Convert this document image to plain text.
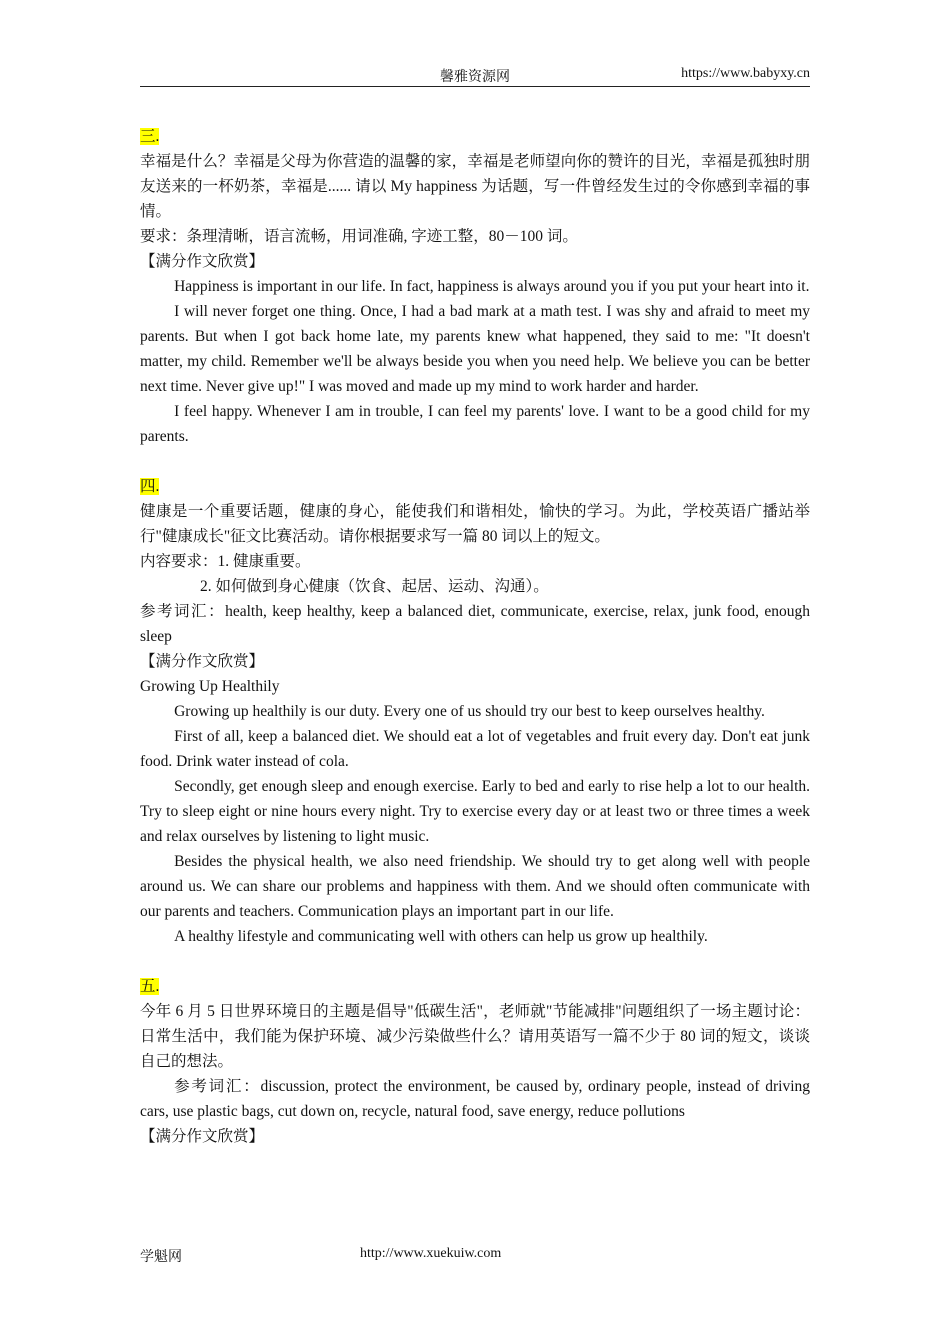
馨雅资源网	https://www.babyxy.cn

三.

幸福是什么？幸福是父母为你营造的温馨的家，幸福是老师望向你的赞许的目光，幸福是孤独时朋友送来的一杯奶茶，幸福是...... 请以 My happiness 为话题，写一件曾经发生过的令你感到幸福的事情。

要求：条理清晰，语言流畅，用词准确, 字迹工整，80－100 词。

【满分作文欣赏】

Happiness is important in our life. In fact, happiness is always around you if you put your heart into it.

I will never forget one thing. Once, I had a bad mark at a math test. I was shy and afraid to meet my parents. But when I got back home late, my parents knew what happened, they said to me: "It doesn't matter, my child. Remember we'll be always beside you when you need help. We believe you can be better next time. Never give up!" I was moved and made up my mind to work harder and harder.

I feel happy. Whenever I am in trouble, I can feel my parents' love. I want to be a good child for my parents.

四.

健康是一个重要话题，健康的身心，能使我们和谐相处，愉快的学习。为此，学校英语广播站举行"健康成长"征文比赛活动。请你根据要求写一篇 80 词以上的短文。

内容要求：1. 健康重要。

2. 如何做到身心健康（饮食、起居、运动、沟通）。

参考词汇：health, keep healthy, keep a balanced diet, communicate, exercise, relax, junk food, enough sleep

【满分作文欣赏】

Growing Up Healthily

Growing up healthily is our duty. Every one of us should try our best to keep ourselves healthy.

First of all, keep a balanced diet. We should eat a lot of vegetables and fruit every day. Don't eat junk food. Drink water instead of cola.

Secondly, get enough sleep and enough exercise. Early to bed and early to rise help a lot to our health. Try to sleep eight or nine hours every night. Try to exercise every day or at least two or three times a week and relax ourselves by listening to light music.

Besides the physical health, we also need friendship. We should try to get along well with people around us. We can share our problems and happiness with them. And we should often communicate with our parents and teachers. Communication plays an important part in our life.

A healthy lifestyle and communicating well with others can help us grow up healthily.

五.

今年 6 月 5 日世界环境日的主题是倡导"低碳生活"，老师就"节能减排"问题组织了一场主题讨论：日常生活中，我们能为保护环境、减少污染做些什么？请用英语写一篇不少于 80 词的短文，谈谈自己的想法。

参考词汇：discussion, protect the environment, be caused by, ordinary people, instead of driving cars, use plastic bags, cut down on, recycle, natural food, save energy, reduce pollutions

【满分作文欣赏】

学魁网	http://www.xuekuiw.com
